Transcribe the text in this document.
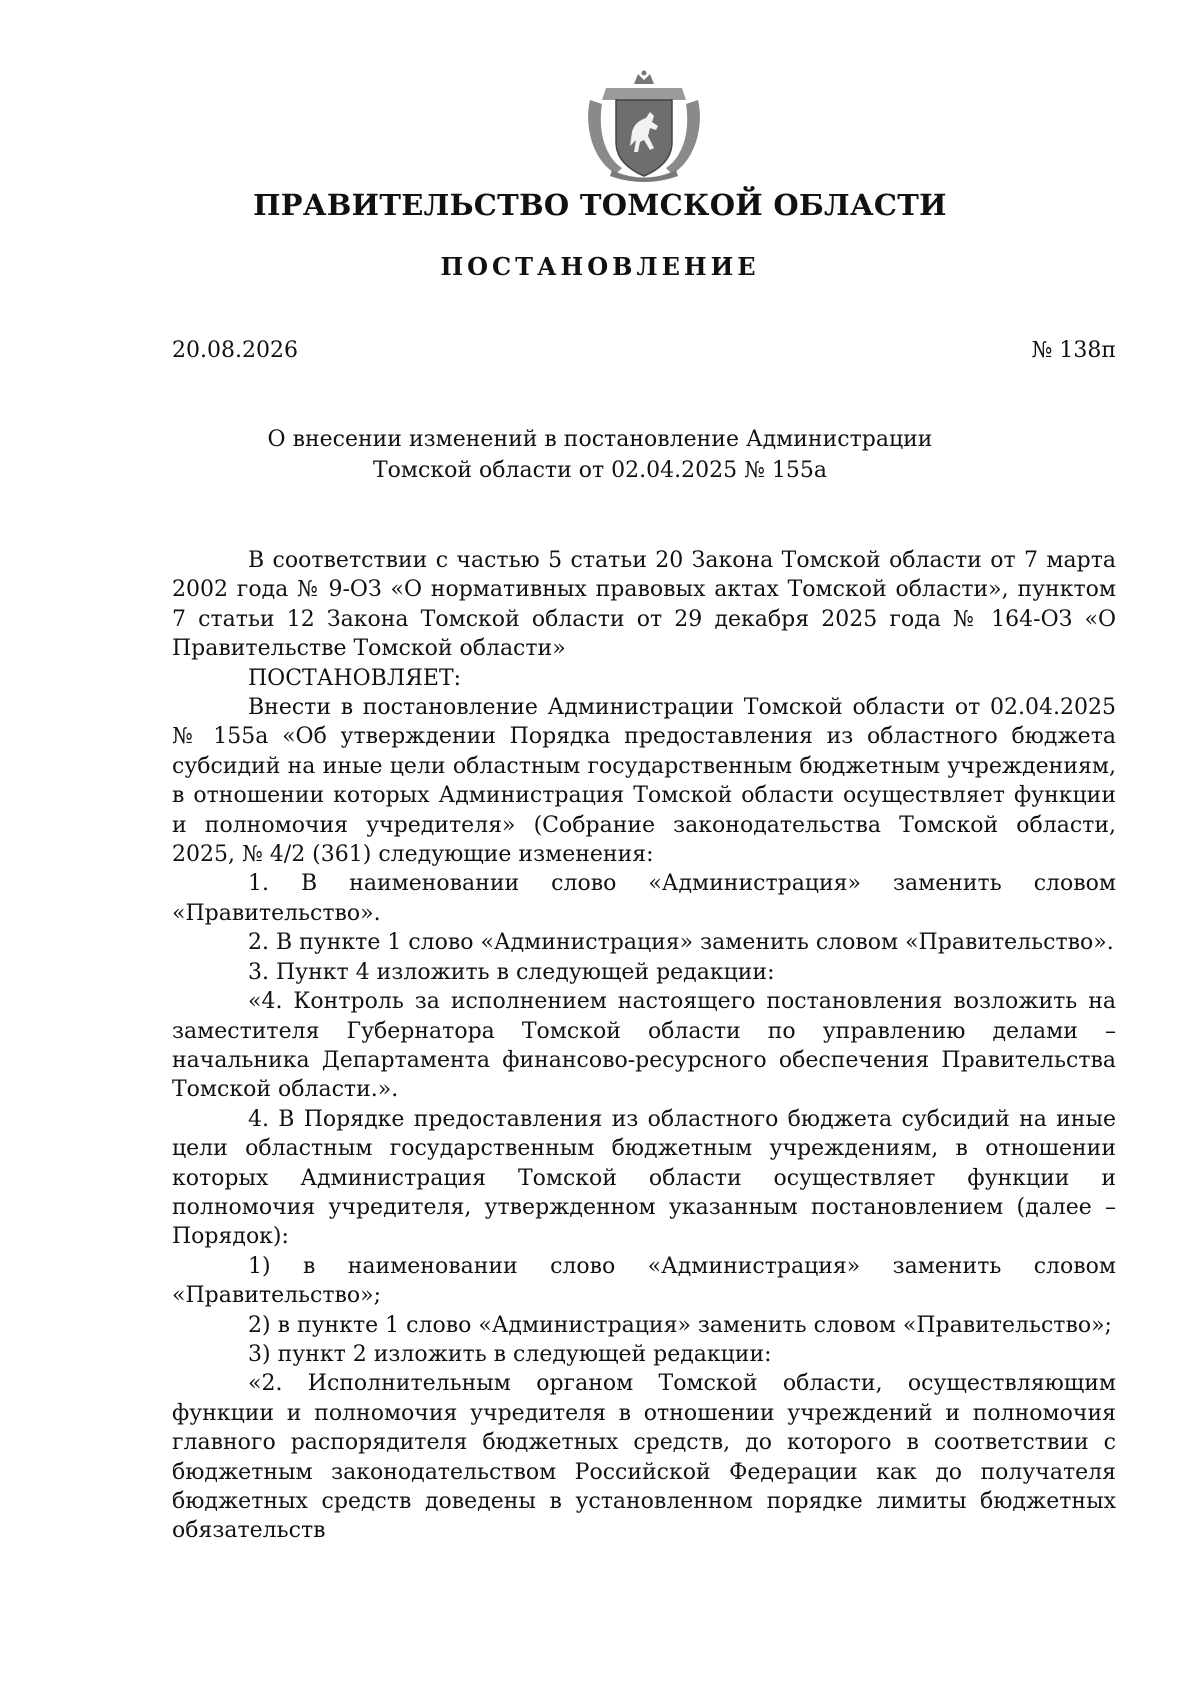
ПРАВИТЕЛЬСТВО ТОМСКОЙ ОБЛАСТИ
ПОСТАНОВЛЕНИЕ
20.08.2026	№ 138п
О внесении изменений в постановление Администрации
Томской области от 02.04.2025 № 155а

В соответствии с частью 5 статьи 20 Закона Томской области от 7 марта 2002 года № 9-ОЗ «О нормативных правовых актах Томской области», пунктом 7 статьи 12 Закона Томской области от 29 декабря 2025 года № 164-ОЗ «О Правительстве Томской области»

ПОСТАНОВЛЯЕТ:

Внести в постановление Администрации Томской области от 02.04.2025 № 155а «Об утверждении Порядка предоставления из областного бюджета субсидий на иные цели областным государственным бюджетным учреждениям, в отношении которых Администрация Томской области осуществляет функции и полномочия учредителя» (Собрание законодательства Томской области, 2025, № 4/2 (361) следующие изменения:

1. В наименовании слово «Администрация» заменить словом «Правительство».

2. В пункте 1 слово «Администрация» заменить словом «Правительство».

3. Пункт 4 изложить в следующей редакции:

«4. Контроль за исполнением настоящего постановления возложить на заместителя Губернатора Томской области по управлению делами – начальника Департамента финансово-ресурсного обеспечения Правительства Томской области.».

4. В Порядке предоставления из областного бюджета субсидий на иные цели областным государственным бюджетным учреждениям, в отношении которых Администрация Томской области осуществляет функции и полномочия учредителя, утвержденном указанным постановлением (далее – Порядок):

1) в наименовании слово «Администрация» заменить словом «Правительство»;

2) в пункте 1 слово «Администрация» заменить словом «Правительство»;

3) пункт 2 изложить в следующей редакции:

«2. Исполнительным органом Томской области, осуществляющим функции и полномочия учредителя в отношении учреждений и полномочия главного распорядителя бюджетных средств, до которого в соответствии с бюджетным законодательством Российской Федерации как до получателя бюджетных средств доведены в установленном порядке лимиты бюджетных обязательств
